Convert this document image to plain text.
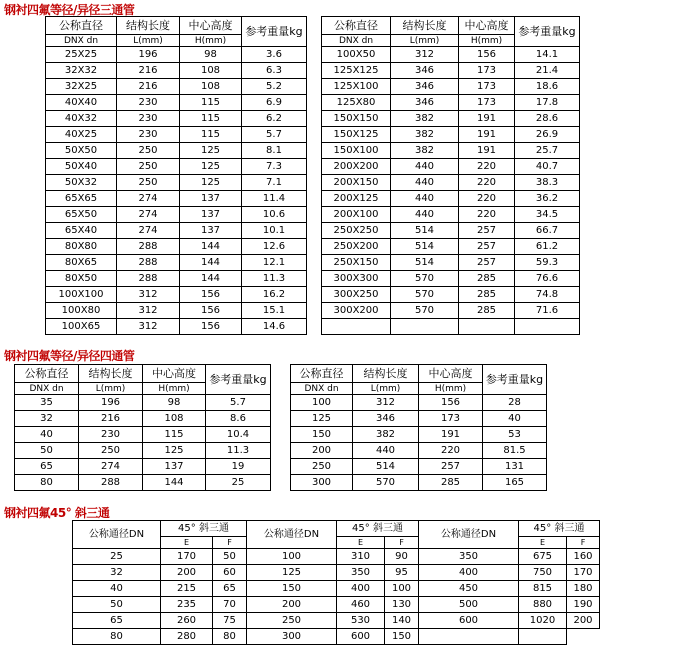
钢衬四氟等径/异径三通管
公称直径	结构长度	中心高度	参考重量kg
DNX dn	L(mm)	H(mm)	
25X25	196	98	3.6
32X32	216	108	6.3
32X25	216	108	5.2
40X40	230	115	6.9
40X32	230	115	6.2
40X25	230	115	5.7
50X50	250	125	8.1
50X40	250	125	7.3
50X32	250	125	7.1
65X65	274	137	11.4
65X50	274	137	10.6
65X40	274	137	10.1
80X80	288	144	12.6
80X65	288	144	12.1
80X50	288	144	11.3
100X100	312	156	16.2
100X80	312	156	15.1
100X65	312	156	14.6
公称直径	结构长度	中心高度	参考重量kg
DNX dn	L(mm)	H(mm)	
100X50	312	156	14.1
125X125	346	173	21.4
125X100	346	173	18.6
125X80	346	173	17.8
150X150	382	191	28.6
150X125	382	191	26.9
150X100	382	191	25.7
200X200	440	220	40.7
200X150	440	220	38.3
200X125	440	220	36.2
200X100	440	220	34.5
250X250	514	257	66.7
250X200	514	257	61.2
250X150	514	257	59.3
300X300	570	285	76.6
300X250	570	285	74.8
300X200	570	285	71.6

钢衬四氟等径/异径四通管
公称直径	结构长度	中心高度	参考重量kg
DNX dn	L(mm)	H(mm)	
35	196	98	5.7
32	216	108	8.6
40	230	115	10.4
50	250	125	11.3
65	274	137	19
80	288	144	25
公称直径	结构长度	中心高度	参考重量kg
DNX dn	L(mm)	H(mm)	
100	312	156	28
125	346	173	40
150	382	191	53
200	440	220	81.5
250	514	257	131
300	570	285	165
钢衬四氟45° 斜三通
公称通径DN	45° 斜三通		公称通径DN	45° 斜三通		公称通径DN	45° 斜三通	
	E	F		E	F		E	F
25	170	50	100	310	90	350	675	160
32	200	60	125	350	95	400	750	170
40	215	65	150	400	100	450	815	180
50	235	70	200	460	130	500	880	190
65	260	75	250	530	140	600	1020	200
80	280	80	300	600	150			
